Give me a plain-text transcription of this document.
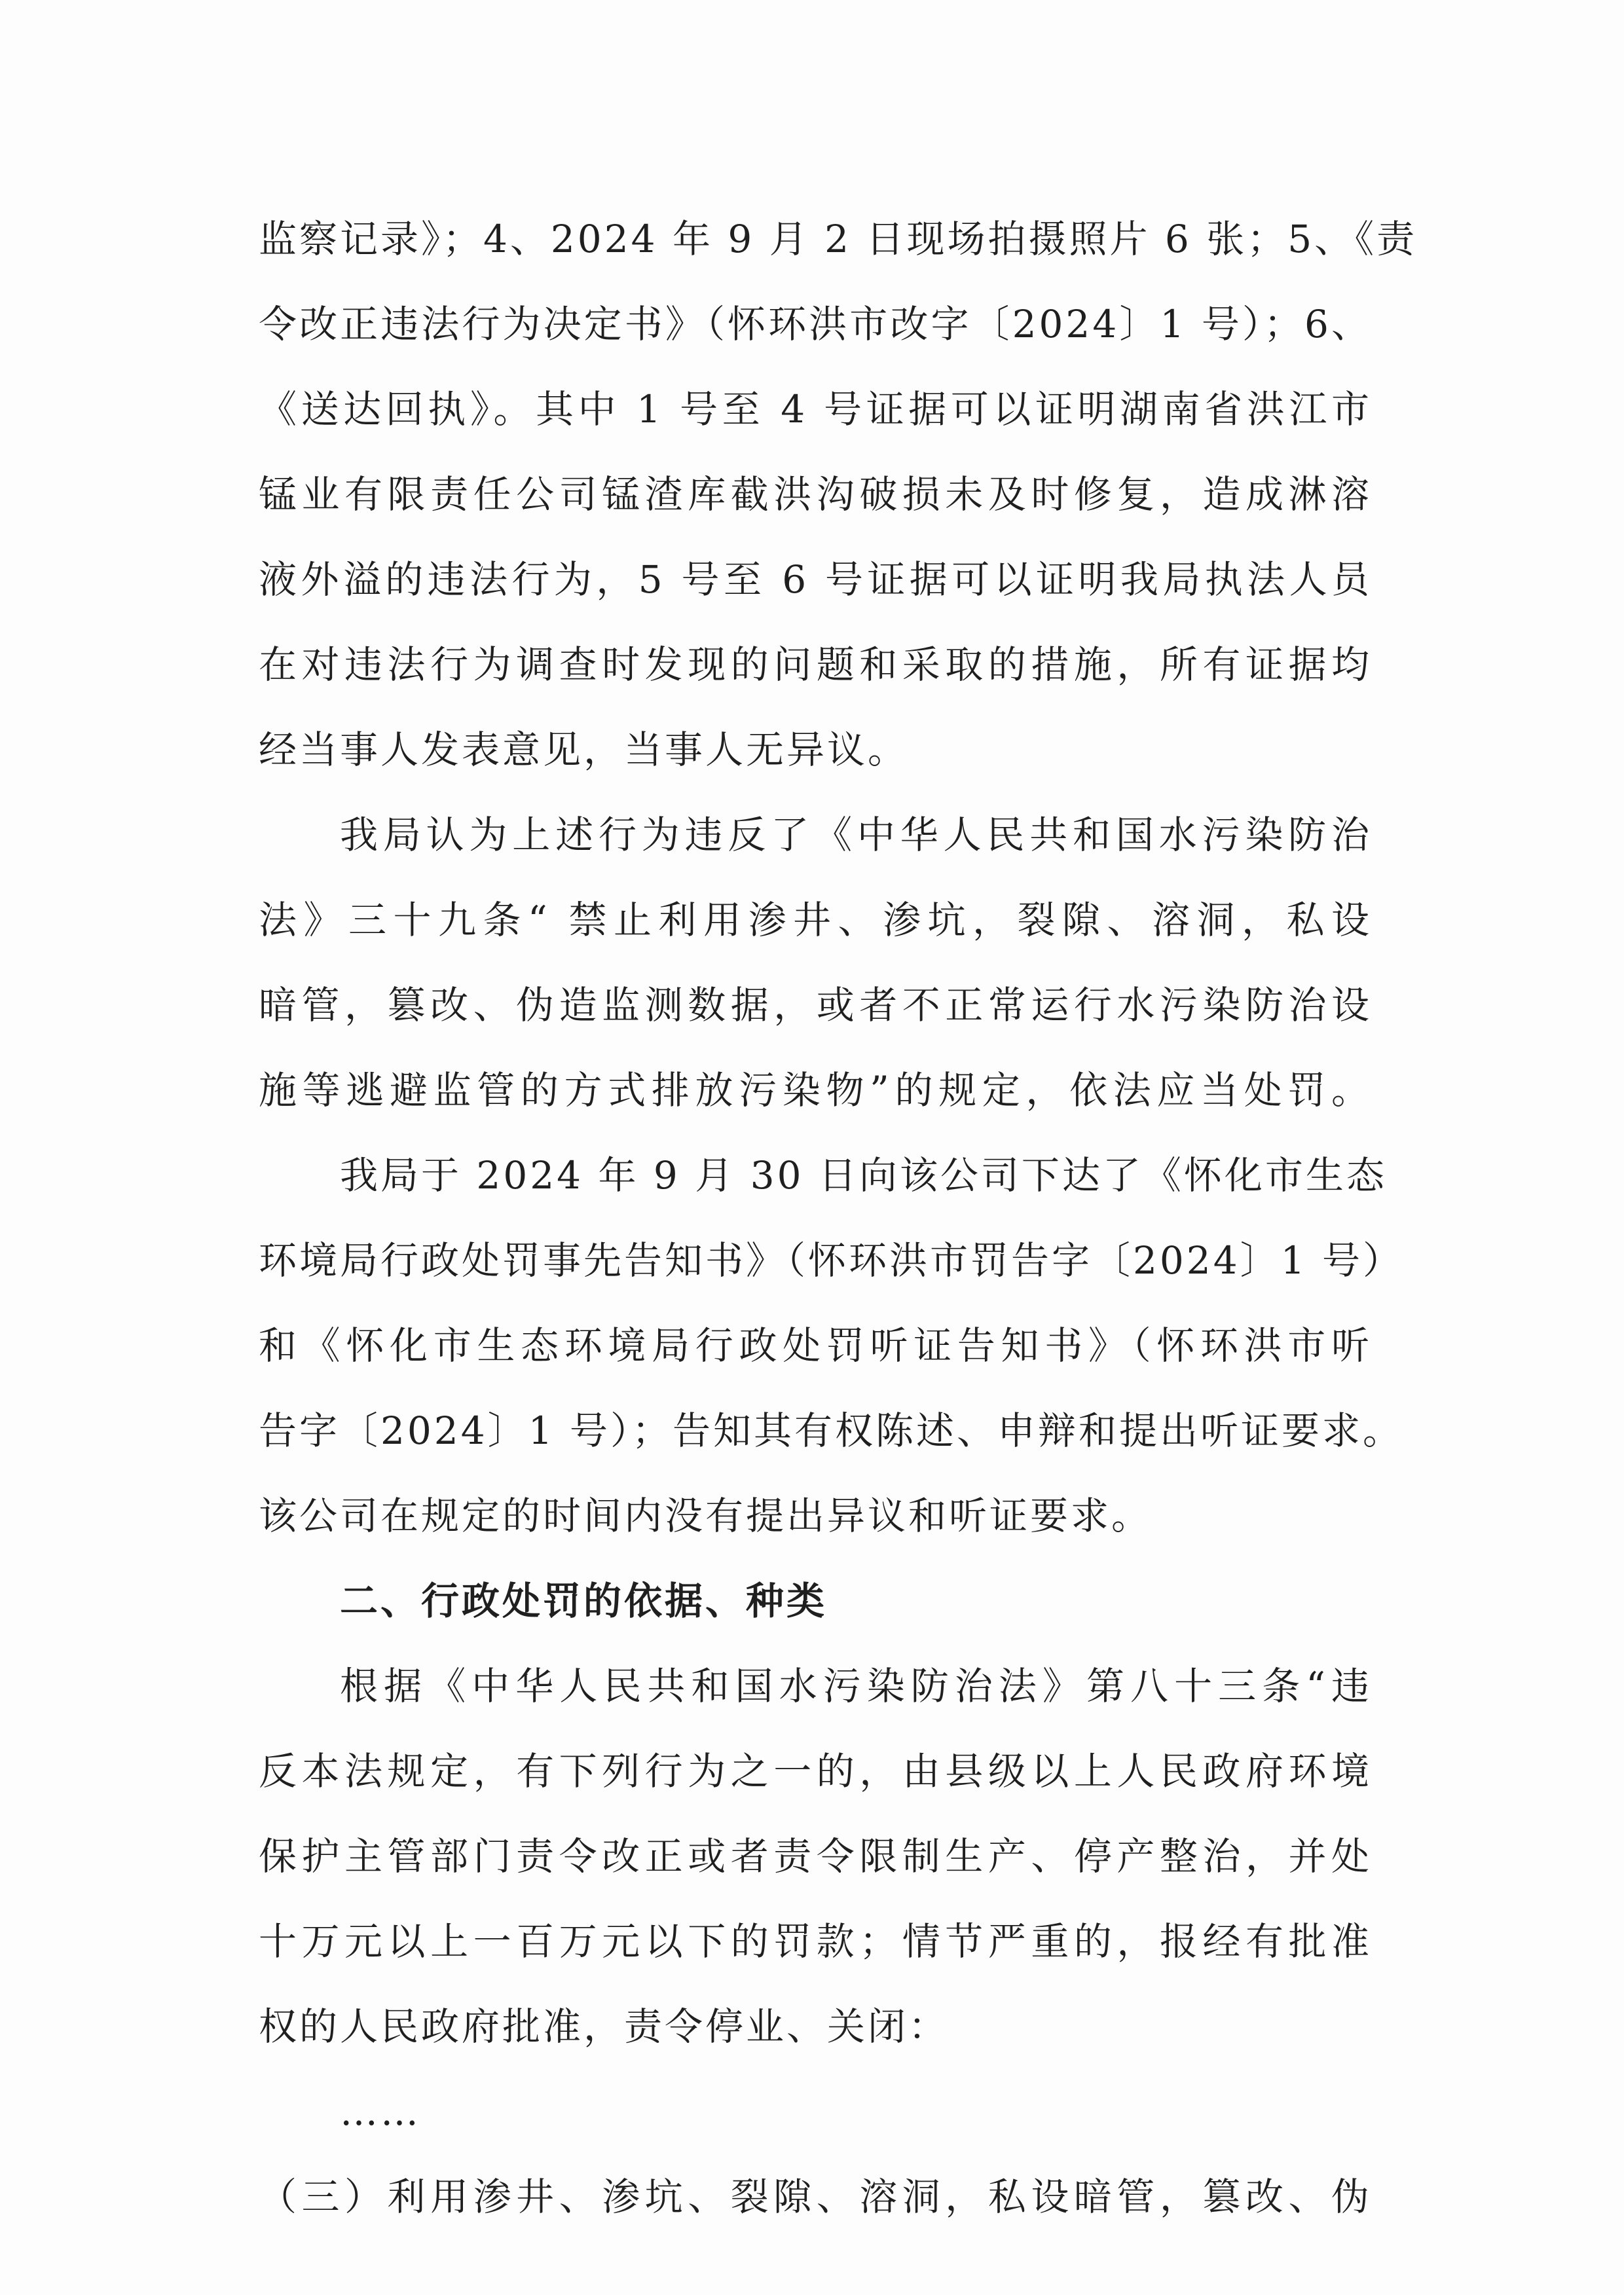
监察记录》；4、2024 年 9 月 2 日现场拍摄照片 6 张；5、《责
令改正违法行为决定书》（怀环洪市改字〔2024〕1 号）；6、
《送达回执》。其中 1 号至 4 号证据可以证明湖南省洪江市
锰业有限责任公司锰渣库截洪沟破损未及时修复，造成淋溶
液外溢的违法行为，5 号至 6 号证据可以证明我局执法人员
在对违法行为调查时发现的问题和采取的措施，所有证据均
经当事人发表意见，当事人无异议。
我局认为上述行为违反了《中华人民共和国水污染防治
法》三十九条“ 禁止利用渗井、渗坑，裂隙、溶洞，私设
暗管，篡改、伪造监测数据，或者不正常运行水污染防治设
施等逃避监管的方式排放污染物”的规定，依法应当处罚。
我局于 2024 年 9 月 30 日向该公司下达了《怀化市生态
环境局行政处罚事先告知书》（怀环洪市罚告字〔2024〕1 号）
和《怀化市生态环境局行政处罚听证告知书》（怀环洪市听
告字〔2024〕1 号）；告知其有权陈述、申辩和提出听证要求。
该公司在规定的时间内没有提出异议和听证要求。
二、行政处罚的依据、种类
根据《中华人民共和国水污染防治法》第八十三条“违
反本法规定，有下列行为之一的，由县级以上人民政府环境
保护主管部门责令改正或者责令限制生产、停产整治，并处
十万元以上一百万元以下的罚款；情节严重的，报经有批准
权的人民政府批准，责令停业、关闭：
……
（三）利用渗井、渗坑、裂隙、溶洞，私设暗管，篡改、伪
